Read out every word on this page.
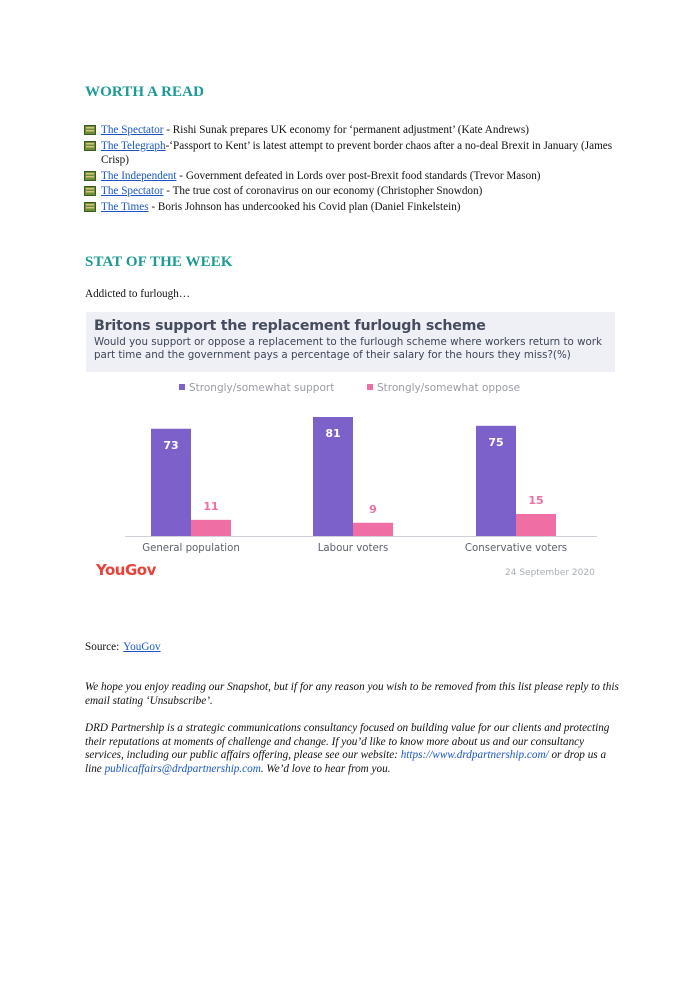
WORTH A READ
The Spectator - Rishi Sunak prepares UK economy for ‘permanent adjustment’ (Kate Andrews)
The Telegraph-‘Passport to Kent’ is latest attempt to prevent border chaos after a no-deal Brexit in January (James Crisp)
The Independent - Government defeated in Lords over post-Brexit food standards (Trevor Mason)
The Spectator - The true cost of coronavirus on our economy (Christopher Snowdon)
The Times - Boris Johnson has undercooked his Covid plan (Daniel Finkelstein)
STAT OF THE WEEK
Addicted to furlough…
Britons support the replacement furlough scheme
Would you support or oppose a replacement to the furlough scheme where workers return to work part time and the government pays a percentage of their salary for the hours they miss?(%)
Strongly/somewhat support	Strongly/somewhat oppose
73
11
General population
81
9
Labour voters
75
15
Conservative voters
YouGov	24 September 2020
Source: YouGov
We hope you enjoy reading our Snapshot, but if for any reason you wish to be removed from this list please reply to this email stating ‘Unsubscribe’.
DRD Partnership is a strategic communications consultancy focused on building value for our clients and protecting their reputations at moments of challenge and change. If you’d like to know more about us and our consultancy services, including our public affairs offering, please see our website: https://www.drdpartnership.com/ or drop us a line publicaffairs@drdpartnership.com. We’d love to hear from you.
